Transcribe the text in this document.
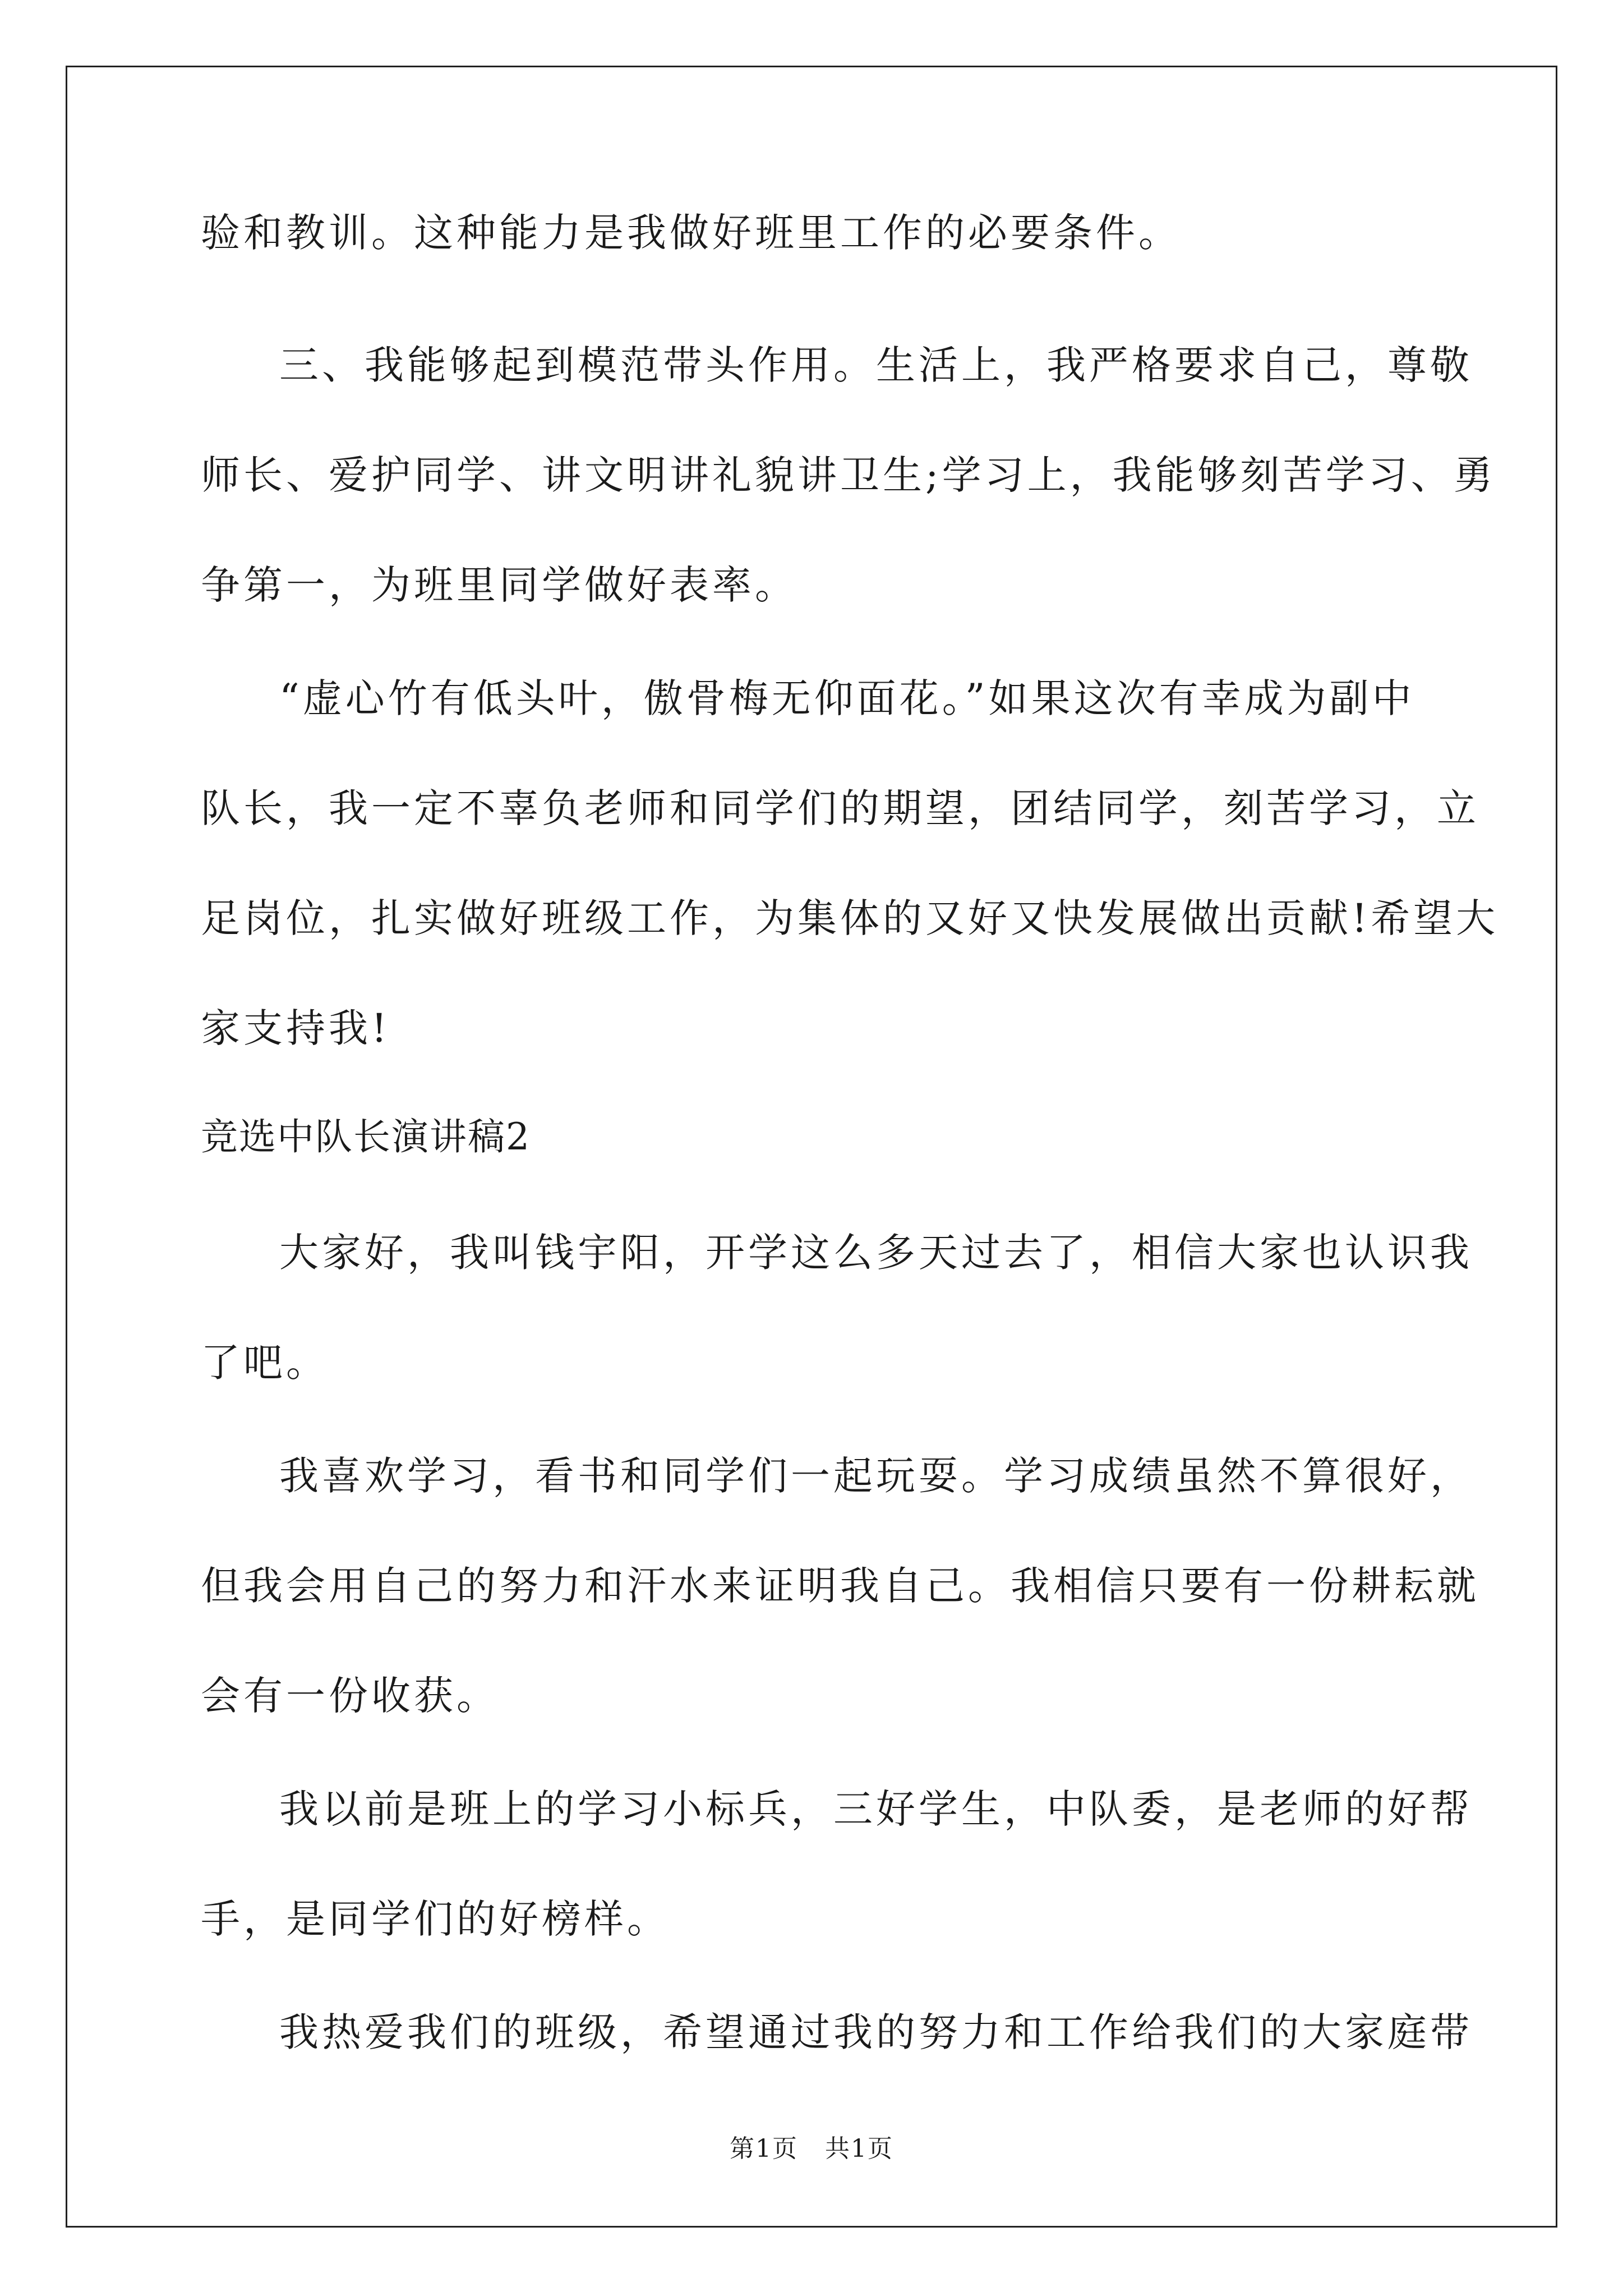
验和教训。这种能力是我做好班里工作的必要条件。
三、我能够起到模范带头作用。生活上，我严格要求自己，尊敬
师长、爱护同学、讲文明讲礼貌讲卫生;学习上，我能够刻苦学习、勇
争第一，为班里同学做好表率。
“虚心竹有低头叶，傲骨梅无仰面花。”如果这次有幸成为副中
队长，我一定不辜负老师和同学们的期望，团结同学，刻苦学习，立
足岗位，扎实做好班级工作，为集体的又好又快发展做出贡献!希望大
家支持我!
竞选中队长演讲稿2
大家好，我叫钱宇阳，开学这么多天过去了，相信大家也认识我
了吧。
我喜欢学习，看书和同学们一起玩耍。学习成绩虽然不算很好，
但我会用自己的努力和汗水来证明我自己。我相信只要有一份耕耘就
会有一份收获。
我以前是班上的学习小标兵，三好学生，中队委，是老师的好帮
手，是同学们的好榜样。
我热爱我们的班级，希望通过我的努力和工作给我们的大家庭带
第1页   共1页
